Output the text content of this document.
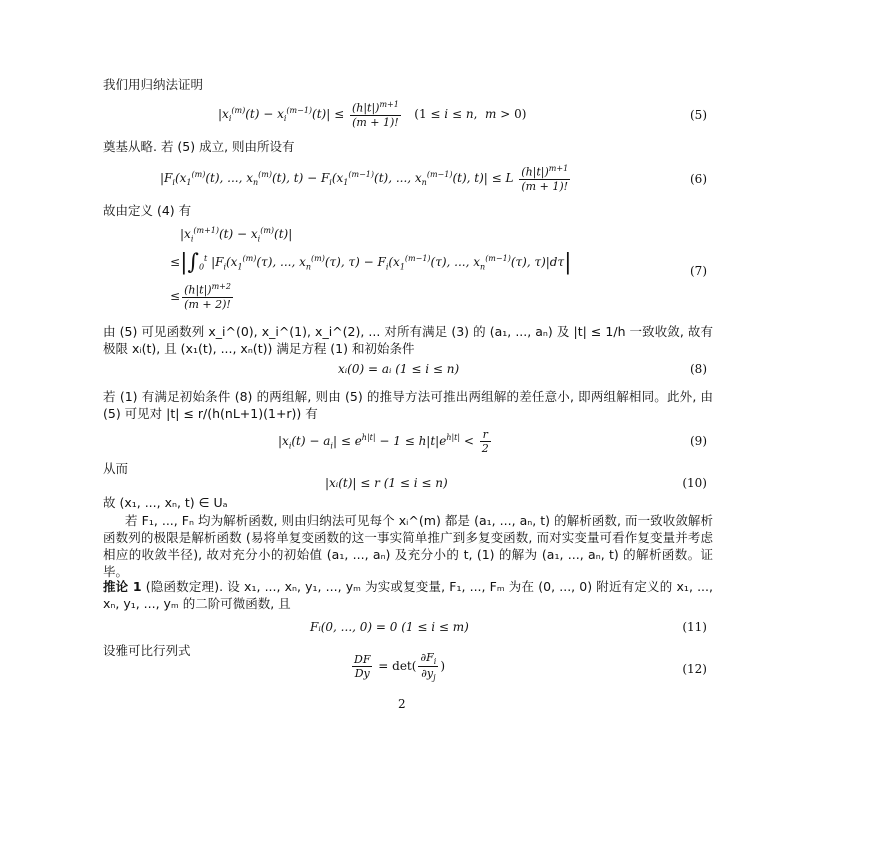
我们用归纳法证明
$|x_i^{(m)}(t) - x_i^{(m-1)}(t)| \le \frac{(h|t|)^{m+1}}{(m + 1)!} (1 \le i \le n$,  m > 0)	(5)
奠基从略. 若 (5) 成立, 则由所设有
$|F_i(x_1^{(m)}(t)$, ..., $x_n^{(m)}(t)$, $t) - F_i(x_1^{(m-1)}(t)$, ..., $x_n^{(m-1)}(t)$, t)| ≤ L $\frac{(h|t|)^{m+1}}{(m + 1)!}$	(6)
故由定义 (4) 有
$|x_i^{(m+1)}(t) - x_i^{(m)}(t)|$
$\le|\int_0^t$ $|F_i(x_1^{(m)}(\tau)$, ..., $x_n^{(m)}(\tau)$, $\tau) - F_i(x_1^{(m-1)}(\tau)$, ..., $x_n^{(m-1)}(\tau)$, τ)|dτ|
≤ $\frac{(h|t|)^{m+2}}{(m + 2)!}$
(7)
由 (5) 可见函数列 x_i^(0), x_i^(1), x_i^(2), ... 对所有满足 (3) 的 (a₁, ..., aₙ) 及 |t| ≤ 1/h 一致收敛, 故有极限 xᵢ(t), 且 (x₁(t), ..., xₙ(t)) 满足方程 (1) 和初始条件
xᵢ(0) = aᵢ (1 ≤ i ≤ n)	(8)
若 (1) 有满足初始条件 (8) 的两组解, 则由 (5) 的推导方法可推出两组解的差任意小, 即两组解相同。此外, 由 (5) 可见对 |t| ≤ r/(h(nL+1)(1+r)) 有
$|x_i(t) - a_i| \le e^{h|t|} - 1 \le h|t|e^{h|t|} < \frac{r}{2}$	(9)
从而
|xᵢ(t)| ≤ r (1 ≤ i ≤ n)	(10)
故 (x₁, ..., xₙ, t) ∈ Uₐ
若 F₁, ..., Fₙ 均为解析函数, 则由归纳法可见每个 xᵢ^(m) 都是 (a₁, ..., aₙ, t) 的解析函数, 而一致收敛解析函数列的极限是解析函数 (易将单复变函数的这一事实简单推广到多复变函数, 而对实变量可看作复变量并考虑相应的收敛半径), 故对充分小的初始值 (a₁, ..., aₙ) 及充分小的 t, (1) 的解为 (a₁, ..., aₙ, t) 的解析函数。证毕。
推论 1 (隐函数定理). 设 x₁, ..., xₙ, y₁, ..., yₘ 为实或复变量, F₁, ..., Fₘ 为在 (0, ..., 0) 附近有定义的 x₁, ..., xₙ, y₁, ..., yₘ 的二阶可微函数, 且
Fᵢ(0, ..., 0) = 0 (1 ≤ i ≤ m)	(11)
设雅可比行列式
$\frac{DF}{Dy} = \det( \frac{\partial F_i}{\partial y_j}$ )	(12)
2
